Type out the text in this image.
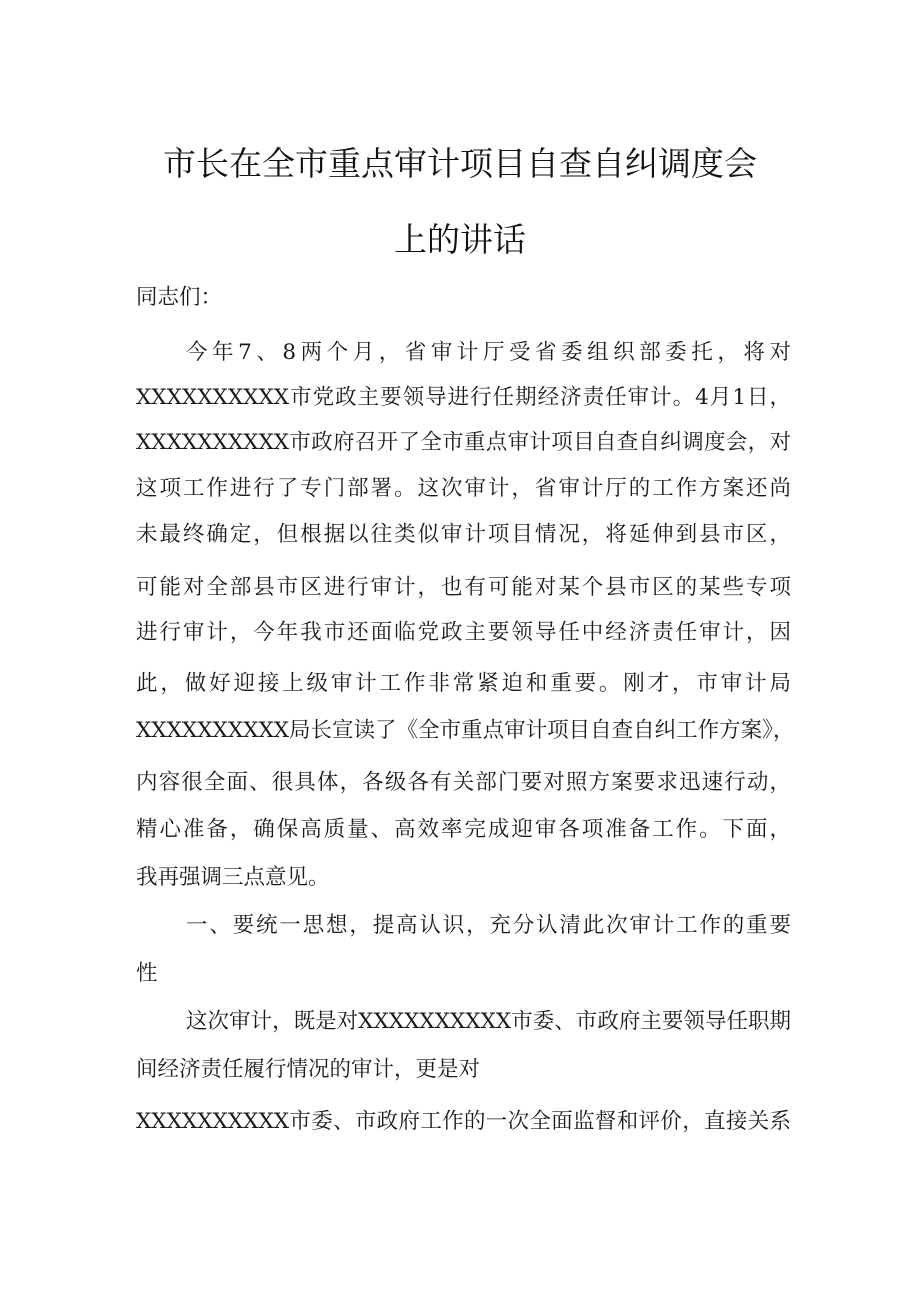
市长在全市重点审计项目自查自纠调度会
上的讲话
同志们：
今年7、8两个月，省审计厅受省委组织部委托，将对
XXXXXXXXXX市党政主要领导进行任期经济责任审计。4月1日，
XXXXXXXXXX市政府召开了全市重点审计项目自查自纠调度会，对
这项工作进行了专门部署。这次审计，省审计厅的工作方案还尚
未最终确定，但根据以往类似审计项目情况，将延伸到县市区，
可能对全部县市区进行审计，也有可能对某个县市区的某些专项
进行审计，今年我市还面临党政主要领导任中经济责任审计，因
此，做好迎接上级审计工作非常紧迫和重要。刚才，市审计局
XXXXXXXXXX局长宣读了《全市重点审计项目自查自纠工作方案》，
内容很全面、很具体，各级各有关部门要对照方案要求迅速行动，
精心准备，确保高质量、高效率完成迎审各项准备工作。下面，
我再强调三点意见。
一、要统一思想，提高认识，充分认清此次审计工作的重要
性
这次审计，既是对XXXXXXXXXX市委、市政府主要领导任职期
间经济责任履行情况的审计，更是对
XXXXXXXXXX市委、市政府工作的一次全面监督和评价，直接关系
